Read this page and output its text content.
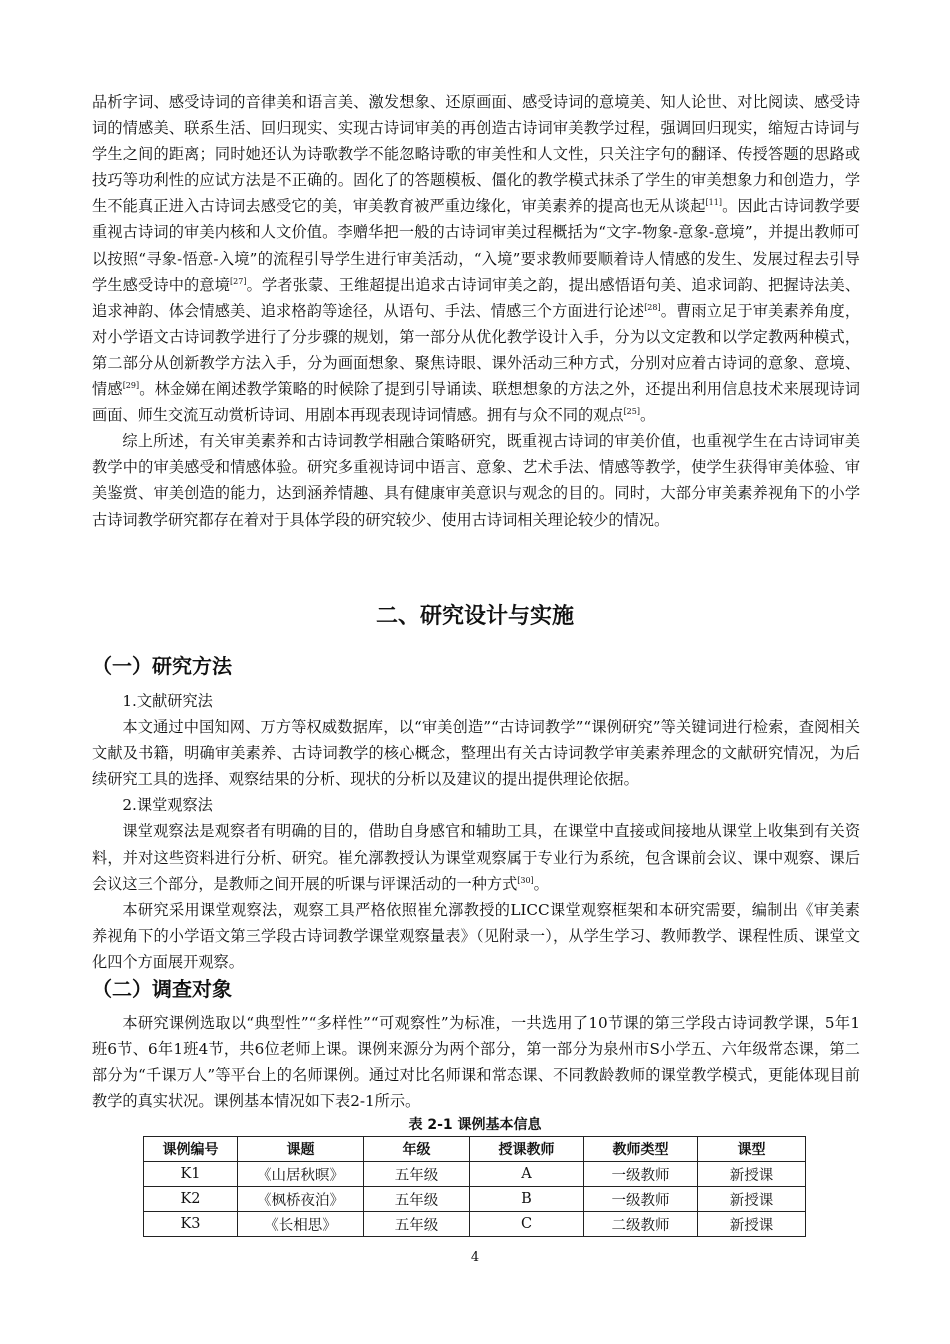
品析字词、感受诗词的音律美和语言美、激发想象、还原画面、感受诗词的意境美、知人论世、对比阅读、感受诗词的情感美、联系生活、回归现实、实现古诗词审美的再创造古诗词审美教学过程，强调回归现实，缩短古诗词与学生之间的距离；同时她还认为诗歌教学不能忽略诗歌的审美性和人文性，只关注字句的翻译、传授答题的思路或技巧等功利性的应试方法是不正确的。固化了的答题模板、僵化的教学模式抹杀了学生的审美想象力和创造力，学生不能真正进入古诗词去感受它的美，审美教育被严重边缘化，审美素养的提高也无从谈起[11]。因此古诗词教学要重视古诗词的审美内核和人文价值。李赠华把一般的古诗词审美过程概括为“文字-物象-意象-意境”，并提出教师可以按照“寻象-悟意-入境”的流程引导学生进行审美活动，“入境”要求教师要顺着诗人情感的发生、发展过程去引导学生感受诗中的意境[27]。学者张蒙、王维超提出追求古诗词审美之韵，提出感悟语句美、追求词韵、把握诗法美、追求神韵、体会情感美、追求格韵等途径，从语句、手法、情感三个方面进行论述[28]。曹雨立足于审美素养角度，对小学语文古诗词教学进行了分步骤的规划，第一部分从优化教学设计入手，分为以文定教和以学定教两种模式，第二部分从创新教学方法入手，分为画面想象、聚焦诗眼、课外活动三种方式，分别对应着古诗词的意象、意境、情感[29]。林金娣在阐述教学策略的时候除了提到引导诵读、联想想象的方法之外，还提出利用信息技术来展现诗词画面、师生交流互动赏析诗词、用剧本再现表现诗词情感。拥有与众不同的观点[25]。

综上所述，有关审美素养和古诗词教学相融合策略研究，既重视古诗词的审美价值，也重视学生在古诗词审美教学中的审美感受和情感体验。研究多重视诗词中语言、意象、艺术手法、情感等教学，使学生获得审美体验、审美鉴赏、审美创造的能力，达到涵养情趣、具有健康审美意识与观念的目的。同时，大部分审美素养视角下的小学古诗词教学研究都存在着对于具体学段的研究较少、使用古诗词相关理论较少的情况。

二、研究设计与实施
（一）研究方法

1.文献研究法

本文通过中国知网、万方等权威数据库，以“审美创造”“古诗词教学”“课例研究”等关键词进行检索，查阅相关文献及书籍，明确审美素养、古诗词教学的核心概念，整理出有关古诗词教学审美素养理念的文献研究情况，为后续研究工具的选择、观察结果的分析、现状的分析以及建议的提出提供理论依据。

2.课堂观察法

课堂观察法是观察者有明确的目的，借助自身感官和辅助工具，在课堂中直接或间接地从课堂上收集到有关资料，并对这些资料进行分析、研究。崔允漷教授认为课堂观察属于专业行为系统，包含课前会议、课中观察、课后会议这三个部分，是教师之间开展的听课与评课活动的一种方式[30]。

本研究采用课堂观察法，观察工具严格依照崔允漷教授的LICC课堂观察框架和本研究需要，编制出《审美素养视角下的小学语文第三学段古诗词教学课堂观察量表》（见附录一），从学生学习、教师教学、课程性质、课堂文化四个方面展开观察。

（二）调查对象

本研究课例选取以“典型性”“多样性”“可观察性”为标准，一共选用了10节课的第三学段古诗词教学课，5年1班6节、6年1班4节，共6位老师上课。课例来源分为两个部分，第一部分为泉州市S小学五、六年级常态课，第二部分为“千课万人”等平台上的名师课例。通过对比名师课和常态课、不同教龄教师的课堂教学模式，更能体现目前教学的真实状况。课例基本情况如下表2-1所示。

表 2-1 课例基本信息

课例编号	课题	年级	授课教师	教师类型	课型
K1	《山居秋暝》	五年级	A	一级教师	新授课
K2	《枫桥夜泊》	五年级	B	一级教师	新授课
K3	《长相思》	五年级	C	二级教师	新授课
4
